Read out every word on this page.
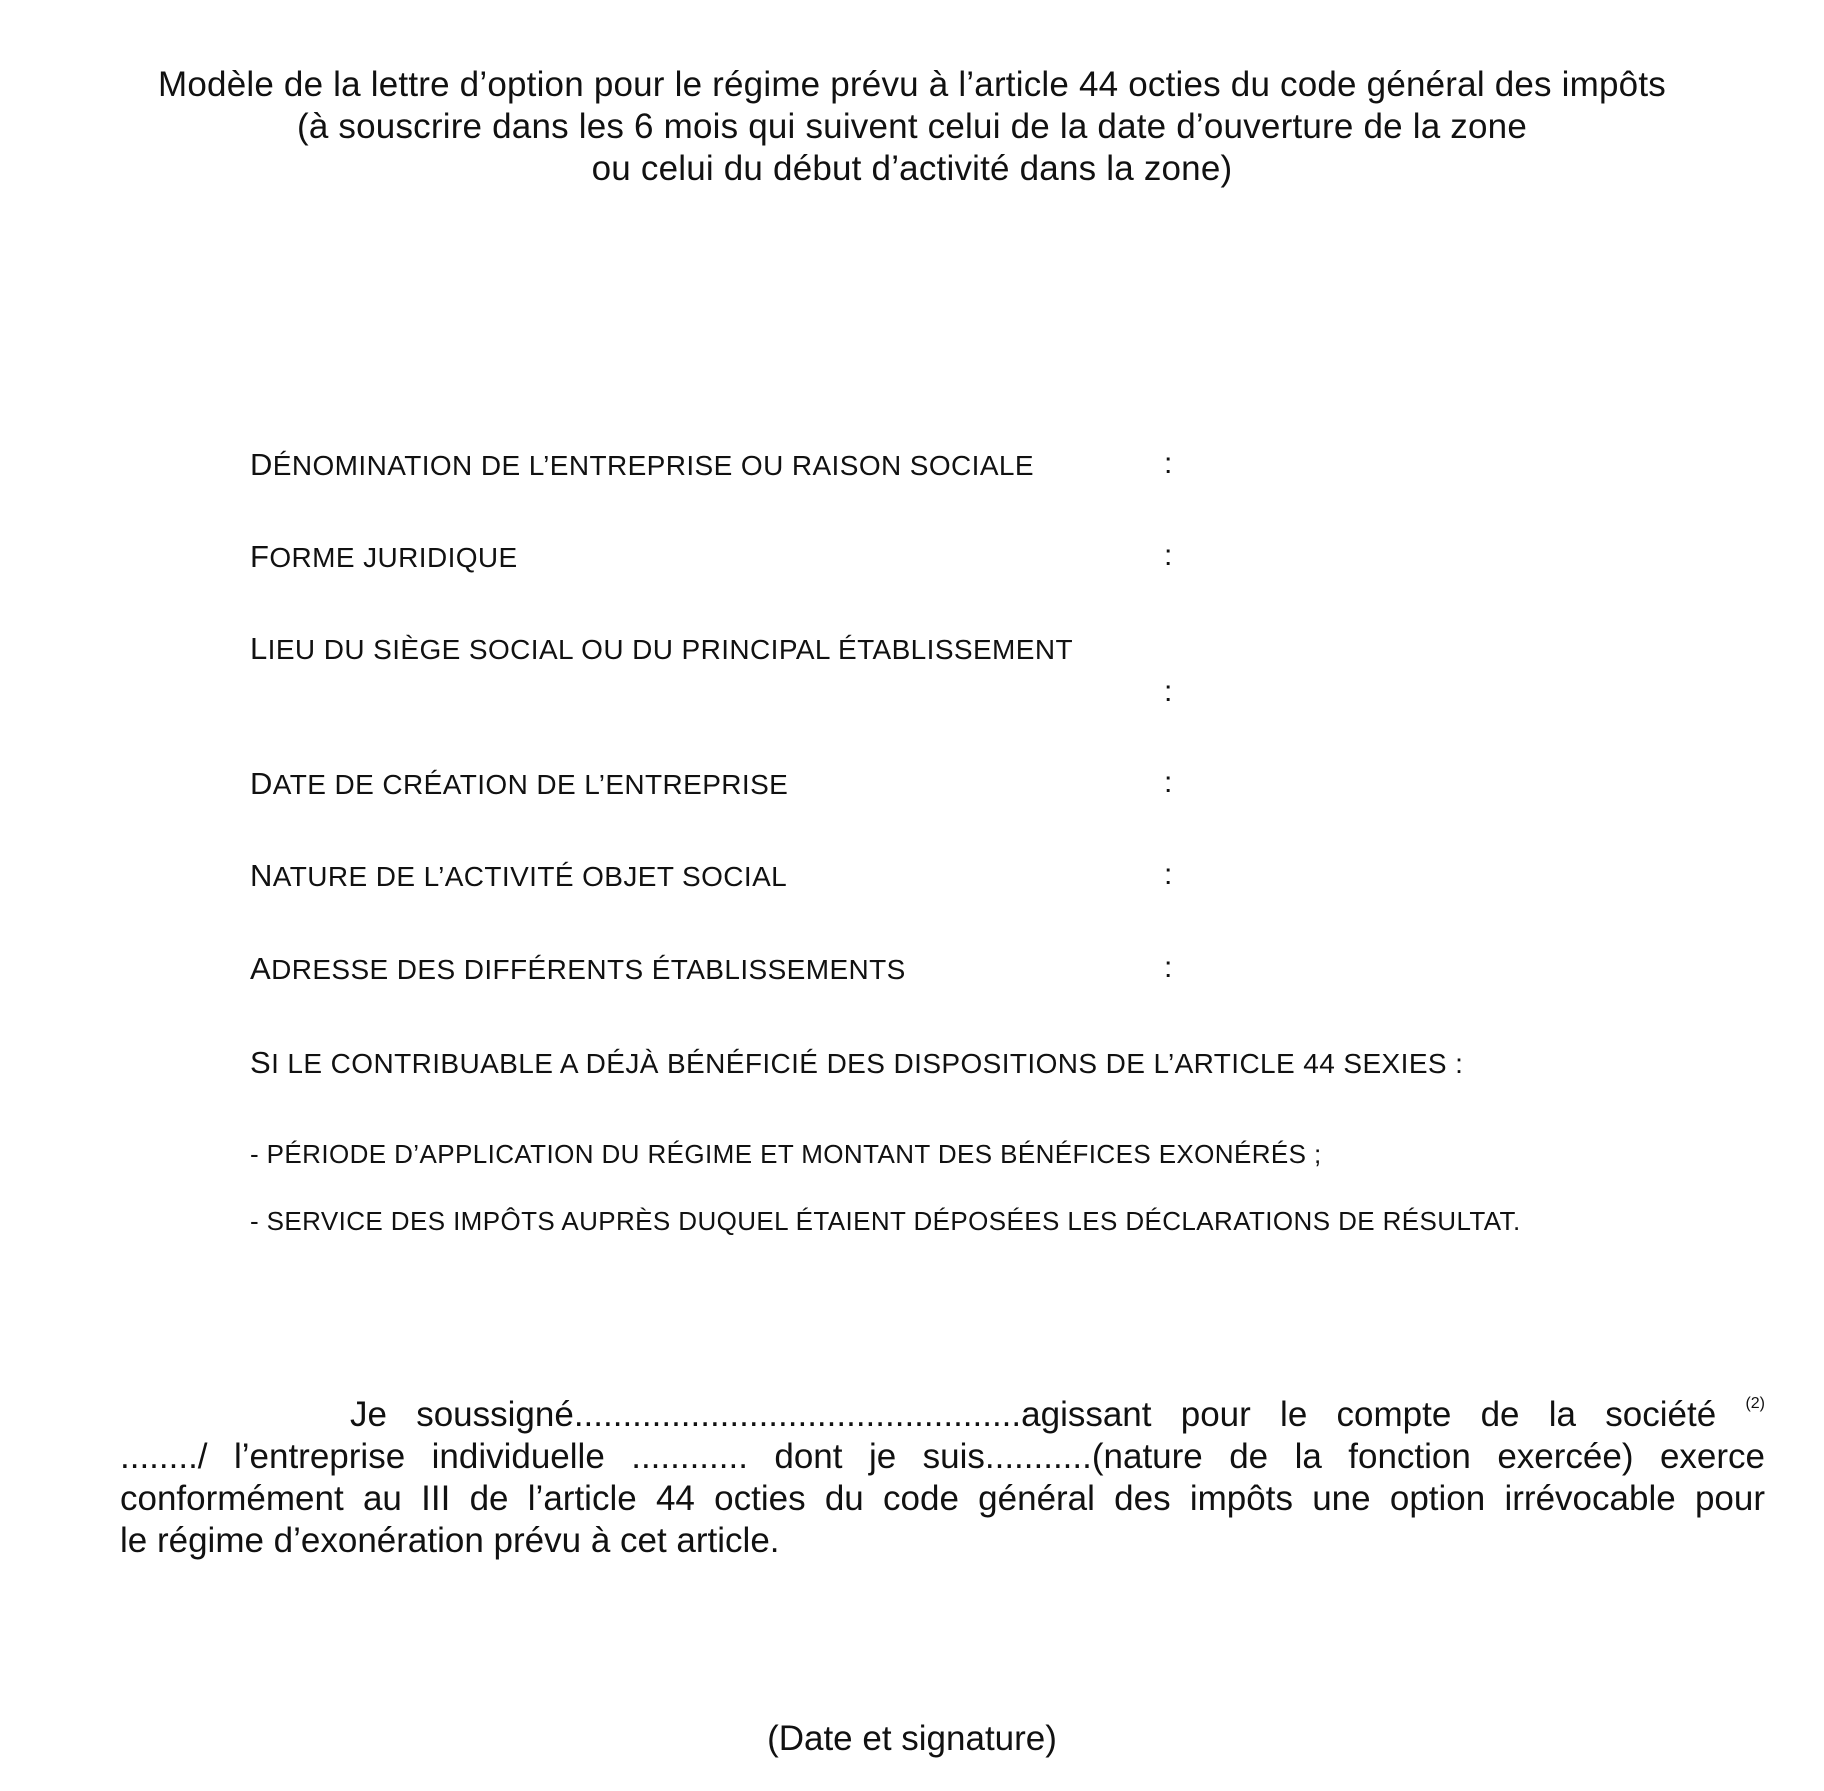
Modèle de la lettre d’option pour le régime prévu à l’article 44 octies du code général des impôts
(à souscrire dans les 6 mois qui suivent celui de la date d’ouverture de la zone
ou celui du début d’activité dans la zone)
DÉNOMINATION DE L’ENTREPRISE OU RAISON SOCIALE	:
FORME JURIDIQUE	:
LIEU DU SIÈGE SOCIAL OU DU PRINCIPAL ÉTABLISSEMENT
:
DATE DE CRÉATION DE L’ENTREPRISE	:
NATURE DE L’ACTIVITÉ OBJET SOCIAL	:
ADRESSE DES DIFFÉRENTS ÉTABLISSEMENTS	:
SI LE CONTRIBUABLE A DÉJÀ BÉNÉFICIÉ DES DISPOSITIONS DE L’ARTICLE 44 SEXIES :
- PÉRIODE D’APPLICATION DU RÉGIME ET MONTANT DES BÉNÉFICES EXONÉRÉS ;
- SERVICE DES IMPÔTS AUPRÈS DUQUEL ÉTAIENT DÉPOSÉES LES DÉCLARATIONS DE RÉSULTAT.
Je soussigné..............................................agissant pour le compte de la société $^{(2)}$
......../ l’entreprise individuelle ............ dont je suis...........(nature de la fonction exercée) exerce
conformément au III de l’article 44 octies du code général des impôts une option irrévocable pour
le régime d’exonération prévu à cet article.
(Date et signature)
